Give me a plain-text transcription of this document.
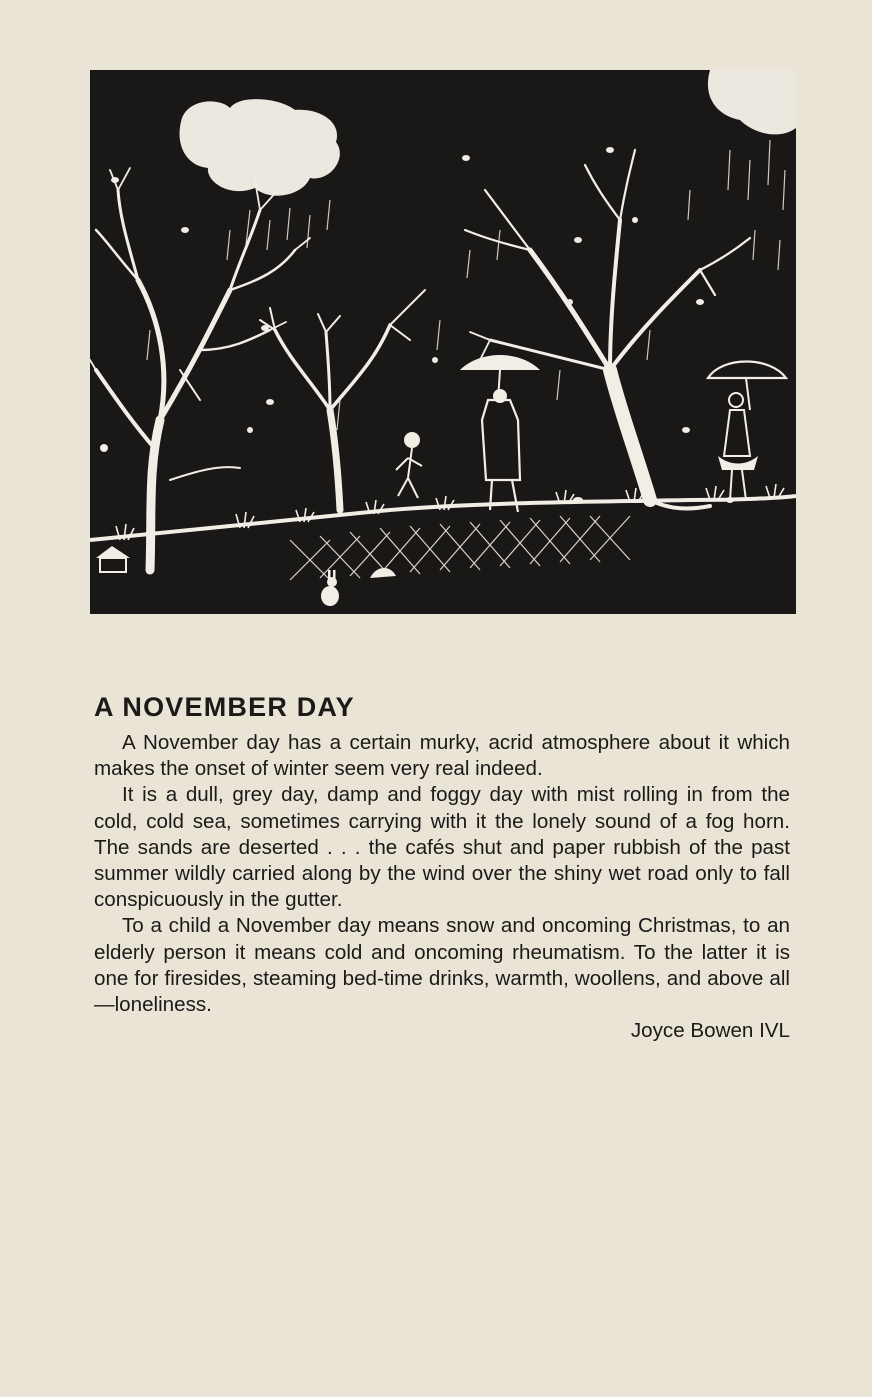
A NOVEMBER DAY

A November day has a certain murky, acrid atmosphere about it which makes the onset of winter seem very real indeed.

It is a dull, grey day, damp and foggy day with mist rolling in from the cold, cold sea, sometimes carrying with it the lonely sound of a fog horn. The sands are deserted . . . the cafés shut and paper rubbish of the past summer wildly carried along by the wind over the shiny wet road only to fall conspicuously in the gutter.

To a child a November day means snow and oncoming Christmas, to an elderly person it means cold and oncoming rheumatism. To the latter it is one for firesides, steaming bed-time drinks, warmth, woollens, and above all—loneliness.

Joyce Bowen IVL
